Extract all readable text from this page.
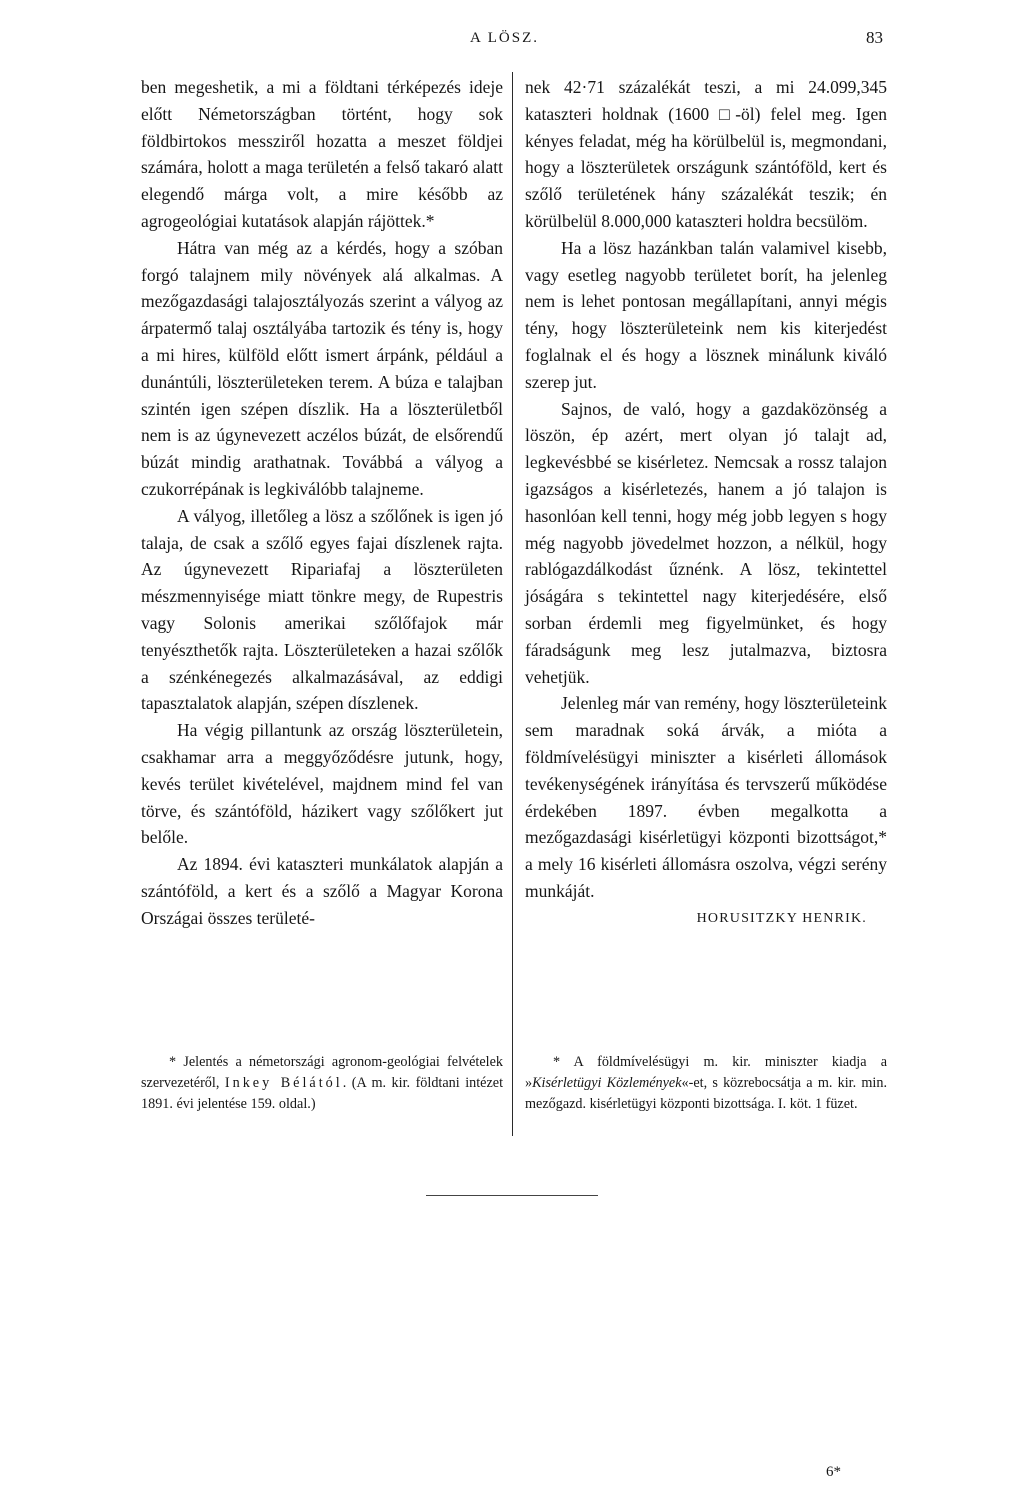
A LÖSZ.	83

ben megeshetik, a mi a földtani térképezés ideje előtt Németországban történt, hogy sok földbirtokos messziről hozatta a meszet földjei számára, holott a maga területén a felső takaró alatt elegendő márga volt, a mire később az agrogeológiai kutatások alapján rájöttek.*

Hátra van még az a kérdés, hogy a szóban forgó talajnem mily növények alá alkalmas. A mezőgazdasági talajosztályozás szerint a vályog az árpatermő talaj osztályába tartozik és tény is, hogy a mi hires, külföld előtt ismert árpánk, például a dunántúli, löszterületeken terem. A búza e talajban szintén igen szépen díszlik. Ha a löszterületből nem is az úgynevezett aczélos búzát, de elsőrendű búzát mindig arathatnak. Továbbá a vályog a czukorrépának is legkiválóbb talajneme.

A vályog, illetőleg a lösz a szőlőnek is igen jó talaja, de csak a szőlő egyes fajai díszlenek rajta. Az úgynevezett Ripariafaj a löszterületen mészmennyisége miatt tönkre megy, de Rupestris vagy Solonis amerikai szőlőfajok már tenyészthetők rajta. Löszterületeken a hazai szőlők a szénkénegezés alkalmazásával, az eddigi tapasztalatok alapján, szépen díszlenek.

Ha végig pillantunk az ország löszterületein, csakhamar arra a meggyőződésre jutunk, hogy, kevés terület kivételével, majdnem mind fel van törve, és szántóföld, házikert vagy szőlőkert jut belőle.

Az 1894. évi kataszteri munkálatok alapján a szántóföld, a kert és a szőlő a Magyar Korona Országai összes területé-

nek 42·71 százalékát teszi, a mi 24.099,345 kataszteri holdnak (1600 □-öl) felel meg. Igen kényes feladat, még ha körülbelül is, megmondani, hogy a löszterületek országunk szántóföld, kert és szőlő területének hány százalékát teszik; én körülbelül 8.000,000 kataszteri holdra becsülöm.

Ha a lösz hazánkban talán valamivel kisebb, vagy esetleg nagyobb területet borít, ha jelenleg nem is lehet pontosan megállapítani, annyi mégis tény, hogy löszterületeink nem kis kiterjedést foglalnak el és hogy a lösznek minálunk kiváló szerep jut.

Sajnos, de való, hogy a gazdaközönség a löszön, ép azért, mert olyan jó talajt ad, legkevésbbé se kisérletez. Nemcsak a rossz talajon igazságos a kisérletezés, hanem a jó talajon is hasonlóan kell tenni, hogy még jobb legyen s hogy még nagyobb jövedelmet hozzon, a nélkül, hogy rablógazdálkodást űznénk. A lösz, tekintettel jóságára s tekintettel nagy kiterjedésére, első sorban érdemli meg figyelmünket, és hogy fáradságunk meg lesz jutalmazva, biztosra vehetjük.

Jelenleg már van remény, hogy löszterületeink sem maradnak soká árvák, a mióta a földmívelésügyi miniszter a kisérleti állomások tevékenységének irányítása és tervszerű működése érdekében 1897. évben megalkotta a mezőgazdasági kisérletügyi központi bizottságot,* a mely 16 kisérleti állomásra oszolva, végzi serény munkáját.

HORUSITZKY HENRIK.

* Jelentés a németországi agronom-geológiai felvételek szervezetéről, Inkey Bélától. (A m. kir. földtani intézet 1891. évi jelentése 159. oldal.)

* A földmívelésügyi m. kir. miniszter kiadja a »Kisérletügyi Közlemények«-et, s közrebocsátja a m. kir. min. mezőgazd. kisérletügyi központi bizottsága. I. köt. 1 füzet.

6*
